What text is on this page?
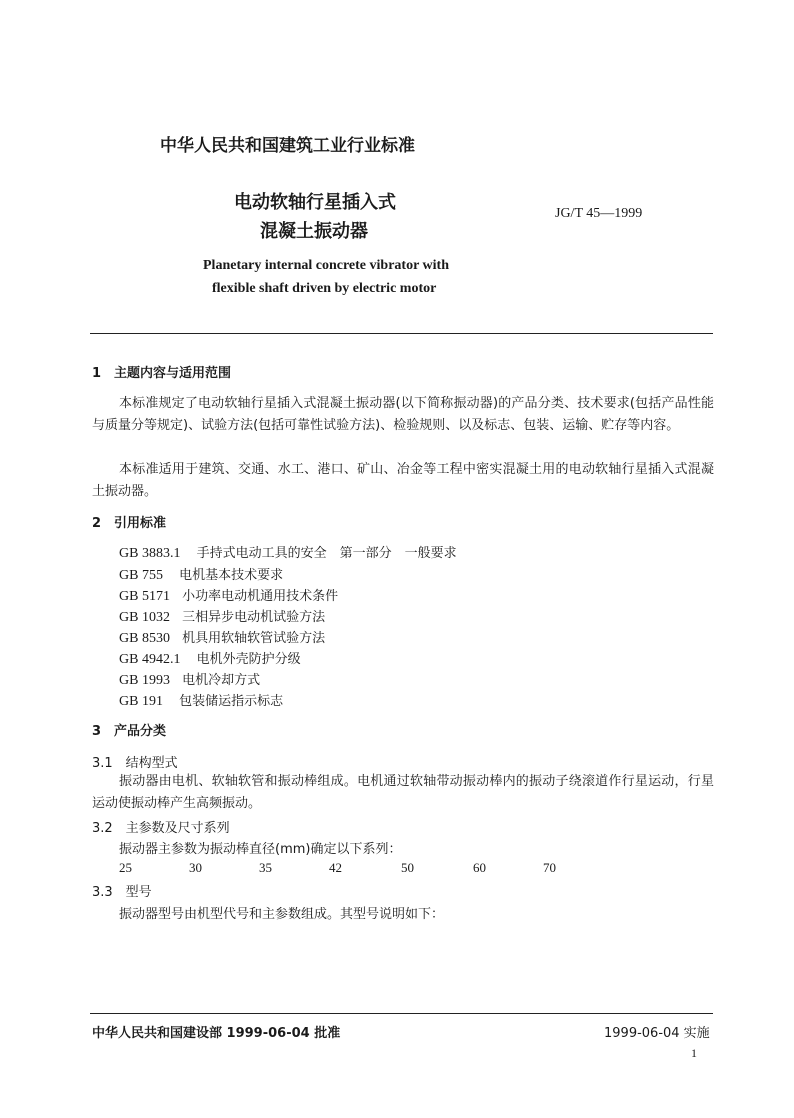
中华人民共和国建筑工业行业标准
电动软轴行星插入式
混凝土振动器
JG/T 45—1999
Planetary internal concrete vibrator with
flexible shaft driven by electric motor
1　主题内容与适用范围
本标准规定了电动软轴行星插入式混凝土振动器(以下简称振动器)的产品分类、技术要求(包括产品性能与质量分等规定)、试验方法(包括可靠性试验方法)、检验规则、以及标志、包装、运输、贮存等内容。
本标准适用于建筑、交通、水工、港口、矿山、冶金等工程中密实混凝土用的电动软轴行星插入式混凝土振动器。
2　引用标准
GB 3883.1 手持式电动工具的安全　第一部分　一般要求
GB 755 电机基本技术要求
GB 5171 小功率电动机通用技术条件
GB 1032 三相异步电动机试验方法
GB 8530 机具用软轴软管试验方法
GB 4942.1 电机外壳防护分级
GB 1993 电机冷却方式
GB 191 包装储运指示标志
3　产品分类
3.1　结构型式
振动器由电机、软轴软管和振动棒组成。电机通过软轴带动振动棒内的振动子绕滚道作行星运动，行星运动使振动棒产生高频振动。
3.2　主参数及尺寸系列
振动器主参数为振动棒直径(mm)确定以下系列：
25	30	35	42	50	60	70
3.3　型号
振动器型号由机型代号和主参数组成。其型号说明如下：
中华人民共和国建设部 1999-06-04 批准	1999-06-04 实施
1
